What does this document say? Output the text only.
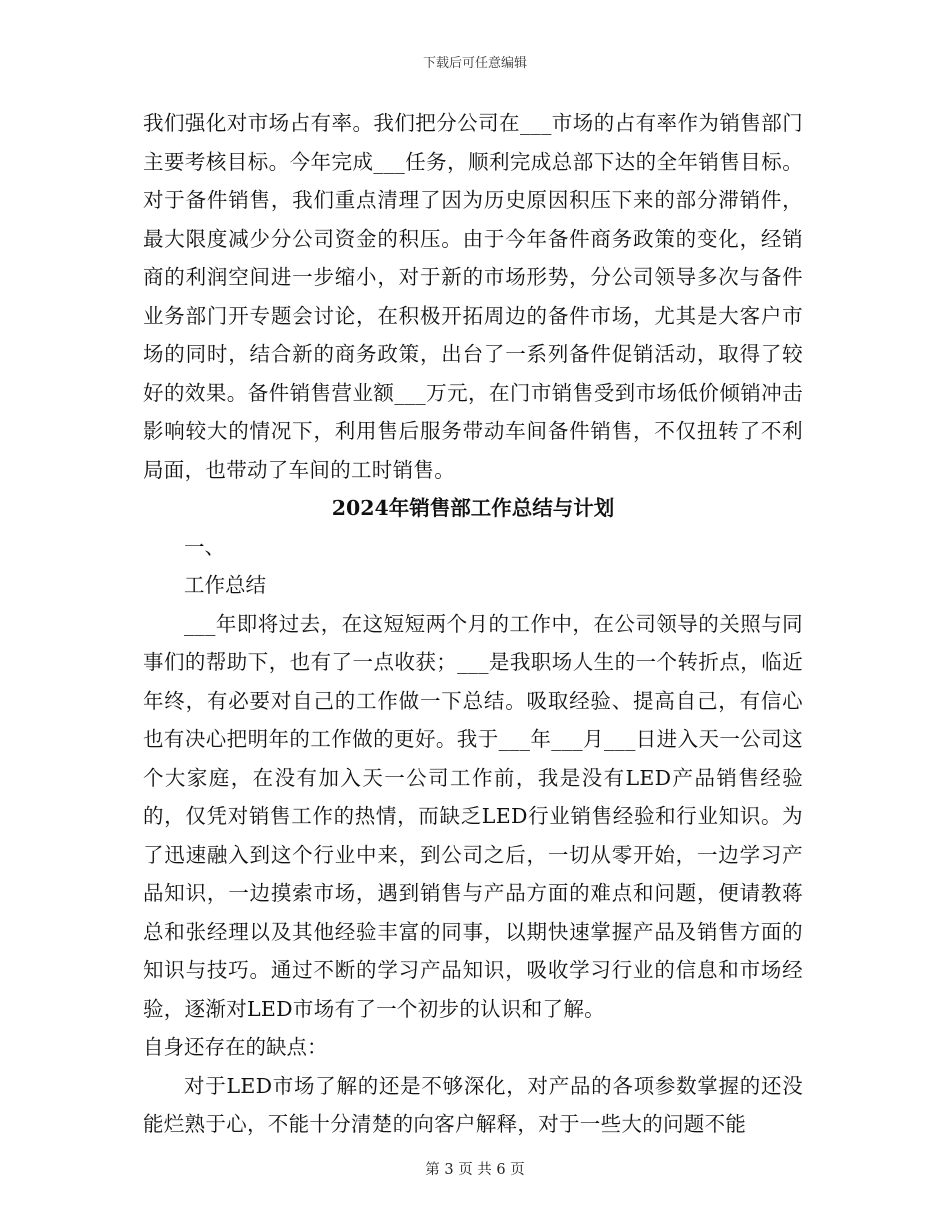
下载后可任意编辑

我们强化对市场占有率。我们把分公司在___市场的占有率作为销售部门主要考核目标。今年完成___任务，顺利完成总部下达的全年销售目标。对于备件销售，我们重点清理了因为历史原因积压下来的部分滞销件，最大限度减少分公司资金的积压。由于今年备件商务政策的变化，经销商的利润空间进一步缩小，对于新的市场形势，分公司领导多次与备件业务部门开专题会讨论，在积极开拓周边的备件市场，尤其是大客户市场的同时，结合新的商务政策，出台了一系列备件促销活动，取得了较好的效果。备件销售营业额___万元，在门市销售受到市场低价倾销冲击影响较大的情况下，利用售后服务带动车间备件销售，不仅扭转了不利局面，也带动了车间的工时销售。

2024年销售部工作总结与计划

一、

工作总结

___年即将过去，在这短短两个月的工作中，在公司领导的关照与同事们的帮助下，也有了一点收获；___是我职场人生的一个转折点，临近年终，有必要对自己的工作做一下总结。吸取经验、提高自己，有信心也有决心把明年的工作做的更好。我于___年___月___日进入天一公司这个大家庭，在没有加入天一公司工作前，我是没有LED产品销售经验的，仅凭对销售工作的热情，而缺乏LED行业销售经验和行业知识。为了迅速融入到这个行业中来，到公司之后，一切从零开始，一边学习产品知识，一边摸索市场，遇到销售与产品方面的难点和问题，便请教蒋总和张经理以及其他经验丰富的同事，以期快速掌握产品及销售方面的知识与技巧。通过不断的学习产品知识，吸收学习行业的信息和市场经验，逐渐对LED市场有了一个初步的认识和了解。

自身还存在的缺点：

对于LED市场了解的还是不够深化，对产品的各项参数掌握的还没能烂熟于心，不能十分清楚的向客户解释，对于一些大的问题不能

第 3 页 共 6 页
